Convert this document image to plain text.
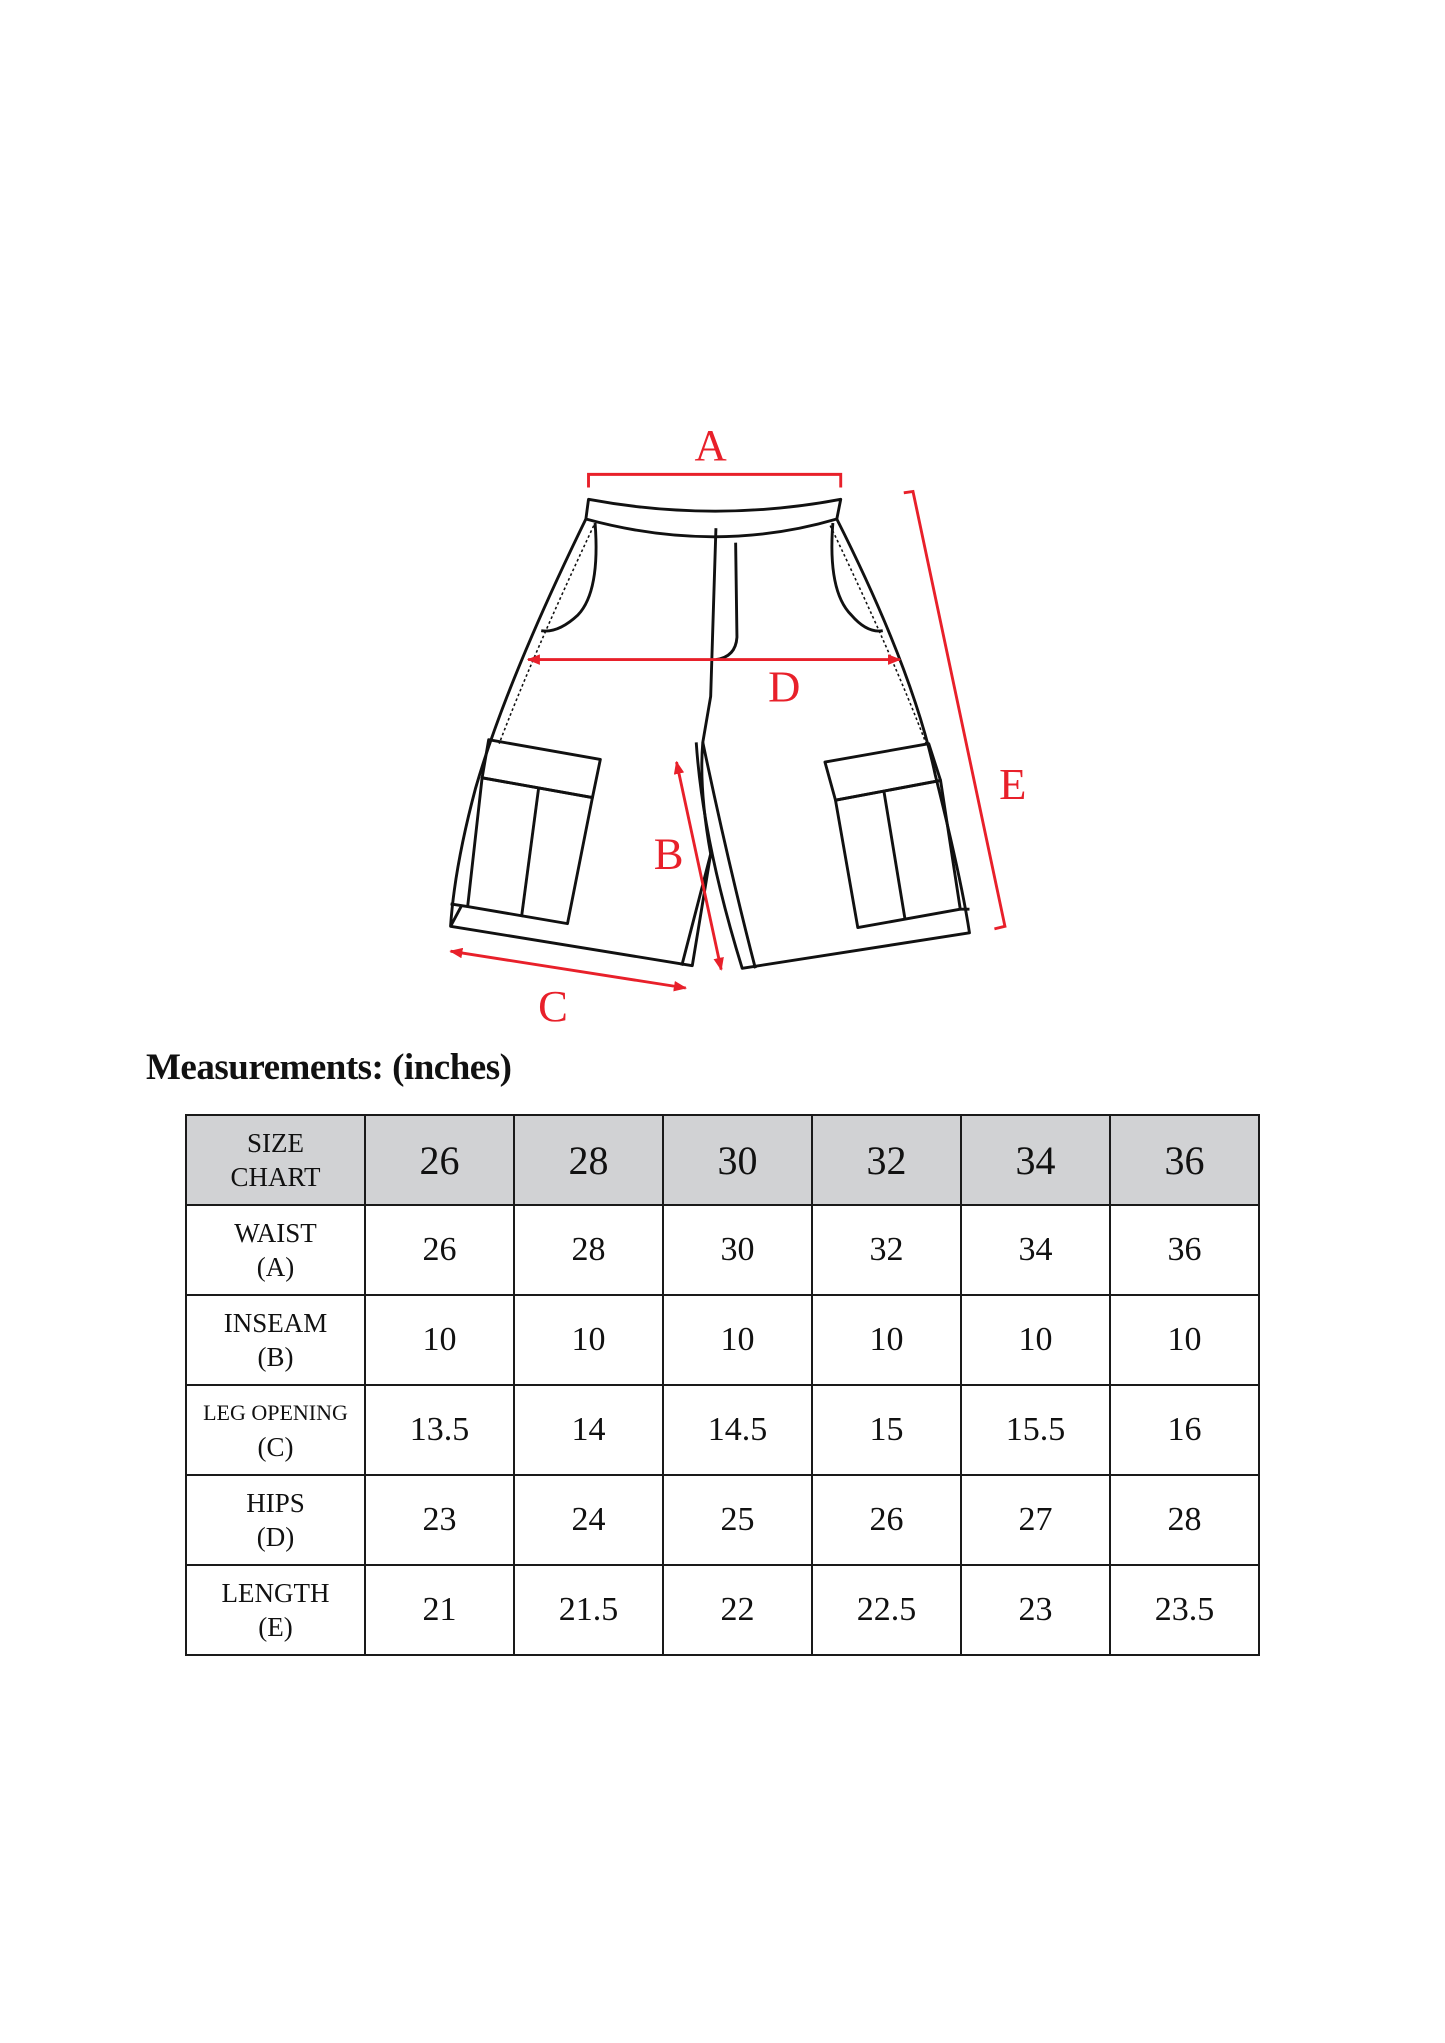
A
B
C
D
E
Measurements: (inches)
SIZE
CHART	26	28	30	32	34	36
WAIST
(A)	26	28	30	32	34	36
INSEAM
(B)	10	10	10	10	10	10
LEG OPENING
(C)	13.5	14	14.5	15	15.5	16
HIPS
(D)	23	24	25	26	27	28
LENGTH
(E)	21	21.5	22	22.5	23	23.5
